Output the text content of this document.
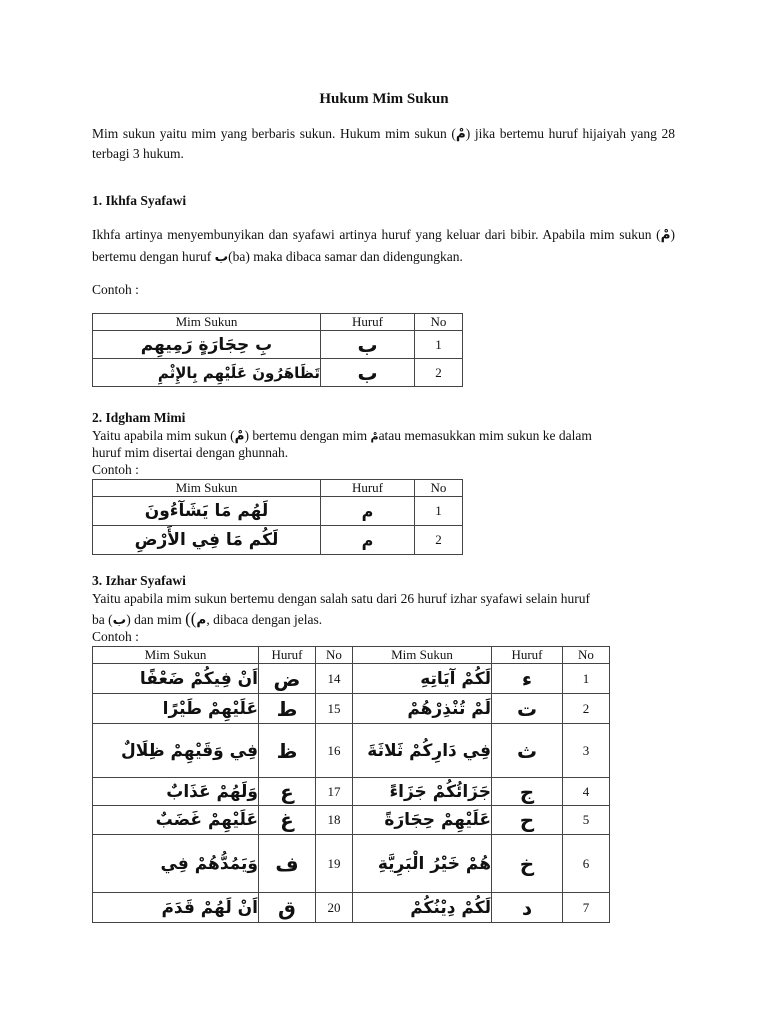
Hukum Mim Sukun
Mim sukun yaitu mim yang berbaris sukun. Hukum mim sukun (مْ) jika bertemu huruf hijaiyah yang 28 terbagi 3 hukum.
1. Ikhfa Syafawi
Ikhfa artinya menyembunyikan dan syafawi artinya huruf yang keluar dari bibir. Apabila mim sukun (مْ) bertemu dengan huruf ب(ba) maka dibaca samar dan didengungkan.
Contoh :
Mim Sukun	Huruf	No
بِ حِجَارَةٍ رَمِيهِم	ب	1
تَظَاهَرُونَ عَلَيْهِم بِالإِثْمِ	ب	2
2. Idgham Mimi
Yaitu apabila mim sukun (مْ) bertemu dengan mim مْatau memasukkan mim sukun ke dalam
huruf mim disertai dengan ghunnah.
Contoh :
Mim Sukun	Huruf	No
لَهُم مَا يَشَآءُونَ	م	1
لَكُم مَا فِي الأَرْضِ	م	2
3. Izhar Syafawi
Yaitu apabila mim sukun bertemu dengan salah satu dari 26 huruf izhar syafawi selain huruf
ba (ب) dan mim ((م, dibaca dengan jelas.
Contoh :
Mim Sukun	Huruf	No	Mim Sukun	Huruf	No
اَنْ فِيكُمْ ضَعْفًا	ض	14	لَكُمْ آيَاتِهِ	ء	1
عَلَيْهِمْ طَيْرًا	ط	15	لَمْ تُنْذِرْهُمْ	ت	2
فِي وَقَيْهِمْ ظِلَالٌ	ظ	16	فِي دَارِكُمْ ثَلاثَةَ	ث	3
وَلَهُمْ عَذَابٌ	ع	17	جَزَائُكُمْ جَزَاءً	ج	4
عَلَيْهِمْ غَضَبٌ	غ	18	عَلَيْهِمْ حِجَارَةً	ح	5
وَيَمُدُّهُمْ فِي	ف	19	هُمْ خَيْرُ الْبَرِيَّةِ	خ	6
اَنْ لَهُمْ قَدَمَ	ق	20	لَكُمْ دِيْنُكُمْ	د	7
